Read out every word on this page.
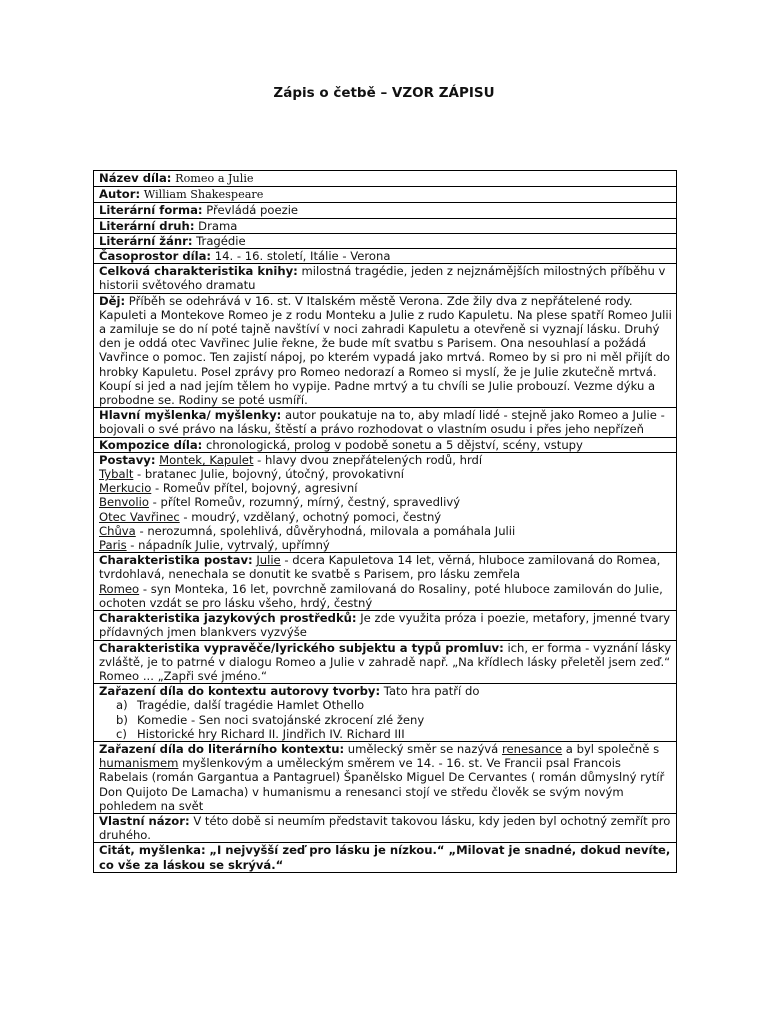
Zápis o četbě – VZOR ZÁPISU
Název díla: Romeo a Julie
Autor: William Shakespeare
Literární forma: Převládá poezie
Literární druh: Drama
Literární žánr: Tragédie
Časoprostor díla: 14. - 16. století, Itálie - Verona
Celková charakteristika knihy: milostná tragédie, jeden z nejznámějších milostných příběhu v historii světového dramatu
Děj: Příběh se odehrává v 16. st. V Italském městě Verona. Zde žily dva z nepřátelené rody. Kapuleti a Montekove Romeo je z rodu Monteku a Julie z rudo Kapuletu. Na plese spatří Romeo Julii a zamiluje se do ní poté tajně navštíví v noci zahradi Kapuletu a otevřeně si vyznají lásku. Druhý den je oddá otec Vavřinec Julie řekne, že bude mít svatbu s Parisem. Ona nesouhlasí a požádá Vavřince o pomoc. Ten zajistí nápoj, po kterém vypadá jako mrtvá. Romeo by si pro ni měl přijít do hrobky Kapuletu. Posel zprávy pro Romeo nedorazí a Romeo si myslí, že je Julie zkutečně mrtvá. Koupí si jed a nad jejím tělem ho vypije. Padne mrtvý a tu chvíli se Julie probouzí. Vezme dýku a probodne se. Rodiny se poté usmíří.
Hlavní myšlenka/ myšlenky: autor poukatuje na to, aby mladí lidé - stejně jako Romeo a Julie - bojovali o své právo na lásku, štěstí a právo rozhodovat o vlastním osudu i přes jeho nepřízeň
Kompozice díla: chronologická, prolog v podobě sonetu a 5 dějství, scény, vstupy

Postavy: Montek, Kapulet - hlavy dvou znepřátelených rodů, hrdí
Tybalt - bratanec Julie, bojovný, útočný, provokativní
Merkucio - Romeův přítel, bojovný, agresivní
Benvolio - přítel Romeův, rozumný, mírný, čestný, spravedlivý
Otec Vavřinec - moudrý, vzdělaný, ochotný pomoci, čestný
Chůva - nerozumná, spolehlivá, důvěryhodná, milovala a pomáhala Julii
Paris - nápadník Julie, vytrvalý, upřímný

Charakteristika postav: Julie - dcera Kapuletova 14 let, věrná, hluboce zamilovaná do Romea, tvrdohlavá, nenechala se donutit ke svatbě s Parisem, pro lásku zemřela
Romeo - syn Monteka, 16 let, povrchně zamilovaná do Rosaliny, poté hluboce zamilován do Julie, ochoten vzdát se pro lásku všeho, hrdý, čestný

Charakteristika jazykových prostředků: Je zde využita próza i poezie, metafory, jmenné tvary přídavných jmen blankvers vyzvýše
Charakteristika vypravěče/lyrického subjektu a typů promluv: ich, er forma - vyznání lásky zvláště, je to patrné v dialogu Romeo a Julie v zahradě např. „Na křídlech lásky přeletěl jsem zeď.“ Romeo ... „Zapři své jméno.“
Zařazení díla do kontextu autorovy tvorby: Tato hra patří do
a) Tragédie, další tragédie Hamlet Othello
b) Komedie - Sen noci svatojánské zkrocení zlé ženy
c) Historické hry Richard II. Jindřich IV. Richard III

Zařazení díla do literárního kontextu: umělecký směr se nazývá renesance a byl společně s humanismem myšlenkovým a uměleckým směrem ve 14. - 16. st. Ve Francii psal Francois Rabelais (román Gargantua a Pantagruel) Španělsko Miguel De Cervantes ( román důmyslný rytíř Don Quijoto De Lamacha) v humanismu a renesanci stojí ve středu člověk se svým novým pohledem na svět
Vlastní názor: V této době si neumím představit takovou lásku, kdy jeden byl ochotný zemřít pro druhého.
Citát, myšlenka: „I nejvyšší zeď pro lásku je nízkou.“ „Milovat je snadné, dokud nevíte, co vše za láskou se skrývá.“
